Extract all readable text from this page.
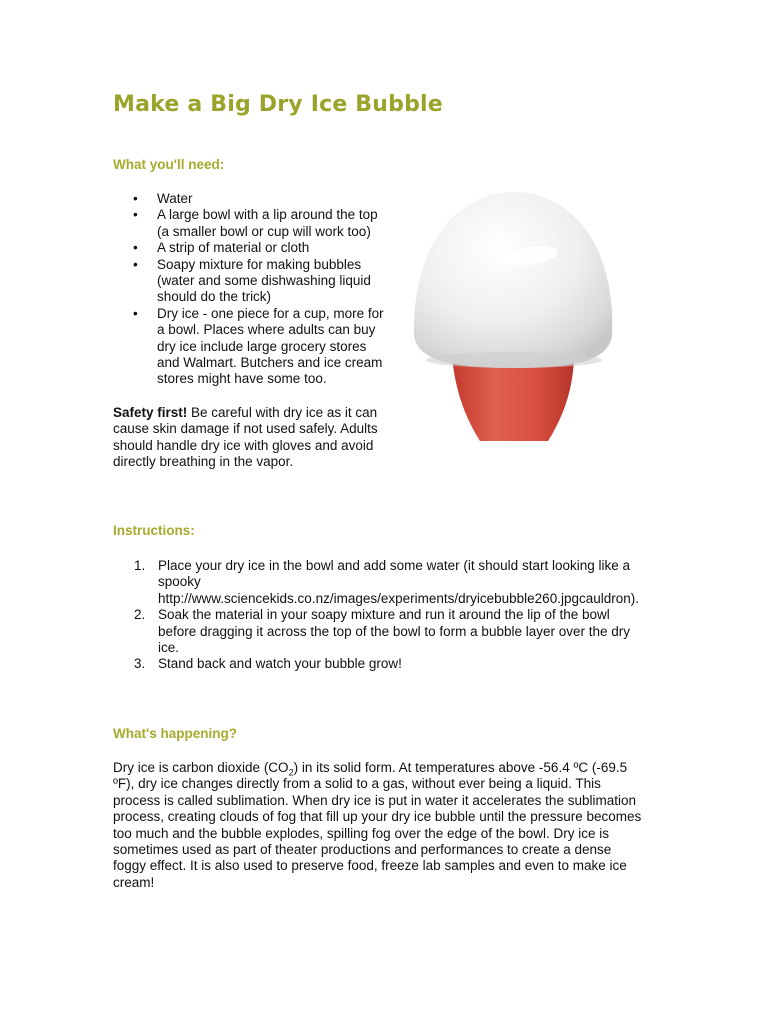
Make a Big Dry Ice Bubble
What you'll need:
• Water
• A large bowl with a lip around the top
(a smaller bowl or cup will work too)
• A strip of material or cloth
• Soapy mixture for making bubbles
(water and some dishwashing liquid
should do the trick)
• Dry ice - one piece for a cup, more for
a bowl. Places where adults can buy
dry ice include large grocery stores
and Walmart. Butchers and ice cream
stores might have some too.

Safety first! Be careful with dry ice as it can
cause skin damage if not used safely. Adults
should handle dry ice with gloves and avoid
directly breathing in the vapor.

Instructions:
1. Place your dry ice in the bowl and add some water (it should start looking like a
spooky
http://www.sciencekids.co.nz/images/experiments/dryicebubble260.jpgcauldron).
2. Soak the material in your soapy mixture and run it around the lip of the bowl
before dragging it across the top of the bowl to form a bubble layer over the dry
ice.
3. Stand back and watch your bubble grow!
What's happening?

Dry ice is carbon dioxide $(CO_2)$ in its solid form. At temperatures above -56.4 ºC (-69.5
ºF), dry ice changes directly from a solid to a gas, without ever being a liquid. This
process is called sublimation. When dry ice is put in water it accelerates the sublimation
process, creating clouds of fog that fill up your dry ice bubble until the pressure becomes
too much and the bubble explodes, spilling fog over the edge of the bowl. Dry ice is
sometimes used as part of theater productions and performances to create a dense
foggy effect. It is also used to preserve food, freeze lab samples and even to make ice
cream!
